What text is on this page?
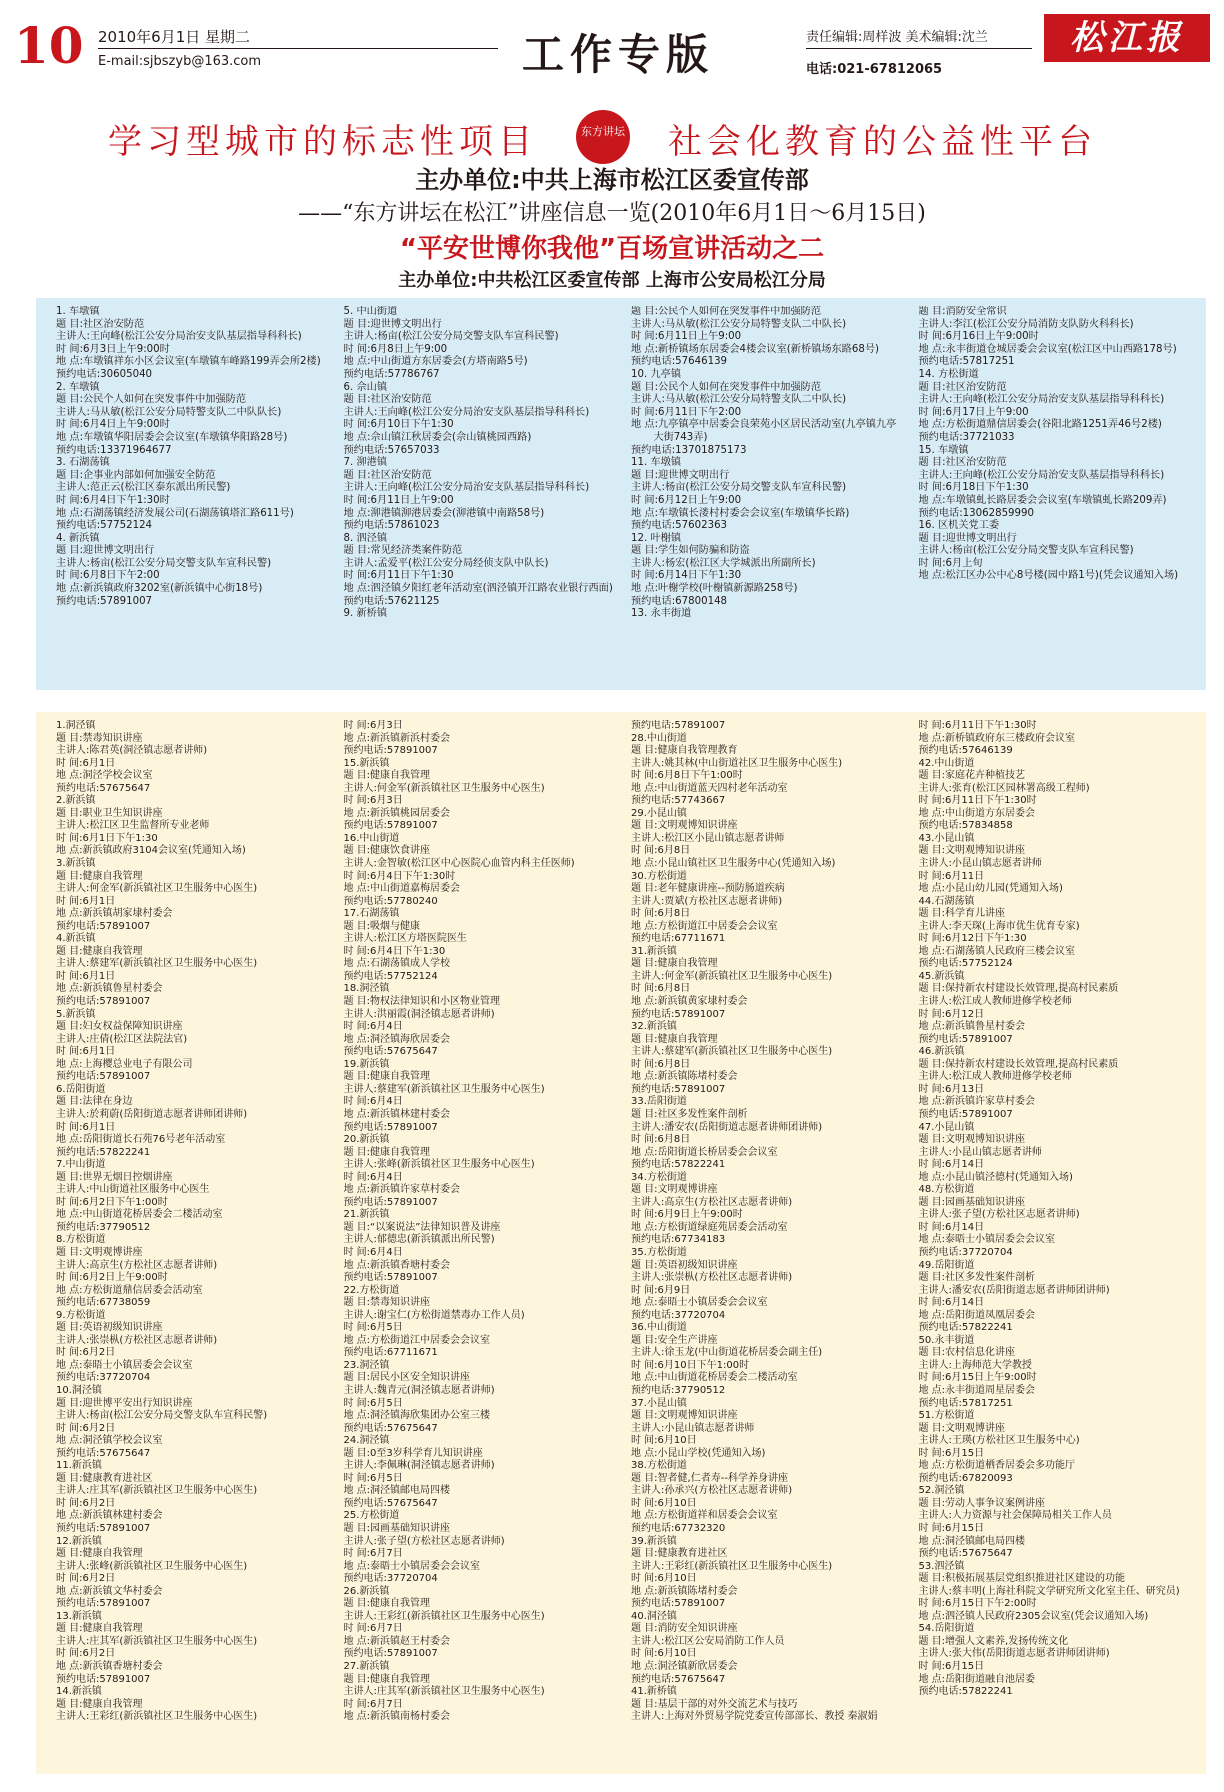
10 2010年6月1日 星期二
E-mail:sjbszyb@163.com	工作专版	责任编辑:周样波 美术编辑:沈兰
电话:021-67812065
松江报
学习型城市的标志性项目	东方讲坛 社会化教育的公益性平台
主办单位:中共上海市松江区委宣传部
——“东方讲坛在松江”讲座信息一览(2010年6月1日～6月15日)
“平安世博你我他”百场宣讲活动之二
主办单位:中共松江区委宣传部 上海市公安局松江分局
1. 车墩镇
题 目:社区治安防范
主讲人:王向峰(松江公安分局治安支队基层指导科科长)
时 间:6月3日上午9:00时
地 点:车墩镇祥东小区会议室(车墩镇车峰路199弄会所2楼)
预约电话:30605040
2. 车墩镇
题 目:公民个人如何在突发事件中加强防范
主讲人:马从敏(松江公安分局特警支队二中队队长)
时 间:6月4日上午9:00时
地 点:车墩镇华阳居委会会议室(车墩镇华阳路28号)
预约电话:13371964677
3. 石湖荡镇
题 目:企事业内部如何加强安全防范
主讲人:范正云(松江区泰东派出所民警)
时 间:6月4日下午1:30时
地 点:石湖荡镇经济发展公司(石湖荡镇塔汇路611号)
预约电话:57752124
4. 新浜镇
题 目:迎世博文明出行
主讲人:杨亩(松江公安分局交警支队车宣科民警)
时 间:6月8日下午2:00
地 点:新浜镇政府3202室(新浜镇中心街18号)
预约电话:57891007
5. 中山街道
题 目:迎世博文明出行
主讲人:杨亩(松江公安分局交警支队车宣科民警)
时 间:6月8日上午9:00
地 点:中山街道方东居委会(方塔南路5号)
预约电话:57786767
6. 佘山镇
题 目:社区治安防范
主讲人:王向峰(松江公安分局治安支队基层指导科科长)
时 间:6月10日下午1:30
地 点:佘山镇江秋居委会(佘山镇桃园西路)
预约电话:57657033
7. 泖港镇
题 目:社区治安防范
主讲人:王向峰(松江公安分局治安支队基层指导科科长)
时 间:6月11日上午9:00
地 点:泖港镇泖港居委会(泖港镇中南路58号)
预约电话:57861023
8. 泗泾镇
题 目:常见经济类案件防范
主讲人:孟爱平(松江公安分局经侦支队中队长)
时 间:6月11日下午1:30
地 点:泗泾镇夕阳红老年活动室(泗泾镇开江路农业银行西面)
预约电话:57621125
9. 新桥镇
题 目:公民个人如何在突发事件中加强防范
主讲人:马从敏(松江公安分局特警支队二中队长)
时 间:6月11日上午9:00
地 点:新桥镇场东居委会4楼会议室(新桥镇场东路68号)
预约电话:57646139
10. 九亭镇
题 目:公民个人如何在突发事件中加强防范
主讲人:马从敏(松江公安分局特警支队二中队长)
时 间:6月11日下午2:00
地 点:九亭镇亭中居委会良荣苑小区居民活动室(九亭镇九亭大街743弄)
预约电话:13701875173
11. 车墩镇
题 目:迎世博文明出行
主讲人:杨亩(松江公安分局交警支队车宣科民警)
时 间:6月12日上午9:00
地 点:车墩镇长溇村村委会会议室(车墩镇华长路)
预约电话:57602363
12. 叶榭镇
题 目:学生如何防骗和防盗
主讲人:杨宏(松江区大学城派出所副所长)
时 间:6月14日下午1:30
地 点:叶榭学校(叶榭镇新源路258号)
预约电话:67800148
13. 永丰街道
题 目:消防安全常识
主讲人:李江(松江公安分局消防支队防火科科长)
时 间:6月16日上午9:00时
地 点:永丰街道仓城居委会会议室(松江区中山西路178号)
预约电话:57817251
14. 方松街道
题 目:社区治安防范
主讲人:王向峰(松江公安分局治安支队基层指导科科长)
时 间:6月17日上午9:00
地 点:方松街道鼎信居委会(谷阳北路1251弄46号2楼)
预约电话:37721033
15. 车墩镇
题 目:社区治安防范
主讲人:王向峰(松江公安分局治安支队基层指导科科长)
时 间:6月18日下午1:30
地 点:车墩镇虬长路居委会会议室(车墩镇虬长路209弄)
预约电话:13062859990
16. 区机关党工委
题 目:迎世博文明出行
主讲人:杨亩(松江公安分局交警支队车宣科民警)
时 间:6月上旬
地 点:松江区办公中心8号楼(园中路1号)(凭会议通知入场)
1.洞泾镇
题 目:禁毒知识讲座
主讲人:陈君英(洞泾镇志愿者讲师)
时 间:6月1日
地 点:洞泾学校会议室
预约电话:57675647
2.新浜镇
题 目:职业卫生知识讲座
主讲人:松江区卫生监督所专业老师
时 间:6月1日下午1:30
地 点:新浜镇政府3104会议室(凭通知入场)
3.新浜镇
题 目:健康自我管理
主讲人:何金军(新浜镇社区卫生服务中心医生)
时 间:6月1日
地 点:新浜镇胡家埭村委会
预约电话:57891007
4.新浜镇
题 目:健康自我管理
主讲人:蔡建军(新浜镇社区卫生服务中心医生)
时 间:6月1日
地 点:新浜镇鲁星村委会
预约电话:57891007
5.新浜镇
题 目:妇女权益保障知识讲座
主讲人:庄倩(松江区法院法官)
时 间:6月1日
地 点:上海樱总业电子有限公司
预约电话:57891007
6.岳阳街道
题 目:法律在身边
主讲人:於莉蔚(岳阳街道志愿者讲师团讲师)
时 间:6月1日
地 点:岳阳街道长石苑76号老年活动室
预约电话:57822241
7.中山街道
题 目:世界无烟日控烟讲座
主讲人:中山街道社区服务中心医生
时 间:6月2日下午1:00时
地 点:中山街道花桥居委会二楼活动室
预约电话:37790512
8.方松街道
题 目:文明观博讲座
主讲人:高京生(方松社区志愿者讲师)
时 间:6月2日上午9:00时
地 点:方松街道鼎信居委会活动室
预约电话:67738059
9.方松街道
题 目:英语初级知识讲座
主讲人:张崇枞(方松社区志愿者讲师)
时 间:6月2日
地 点:泰晤士小镇居委会会议室
预约电话:37720704
10.洞泾镇
题 目:迎世博平安出行知识讲座
主讲人:杨亩(松江公安分局交警支队车宣科民警)
时 间:6月2日
地 点:洞泾镇学校会议室
预约电话:57675647
11.新浜镇
题 目:健康教育进社区
主讲人:庄其军(新浜镇社区卫生服务中心医生)
时 间:6月2日
地 点:新浜镇林建村委会
预约电话:57891007
12.新浜镇
题 目:健康自我管理
主讲人:张峰(新浜镇社区卫生服务中心医生)
时 间:6月2日
地 点:新浜镇文华村委会
预约电话:57891007
13.新浜镇
题 目:健康自我管理
主讲人:庄其军(新浜镇社区卫生服务中心医生)
时 间:6月2日
地 点:新浜镇香塘村委会
预约电话:57891007
14.新浜镇
题 目:健康自我管理
主讲人:王彩红(新浜镇社区卫生服务中心医生)
时 间:6月3日
地 点:新浜镇新浜村委会
预约电话:57891007
15.新浜镇
题 目:健康自我管理
主讲人:何金军(新浜镇社区卫生服务中心医生)
时 间:6月3日
地 点:新浜镇桃园居委会
预约电话:57891007
16.中山街道
题 目:健康饮食讲座
主讲人:金智敏(松江区中心医院心血管内科主任医师)
时 间:6月4日下午1:30时
地 点:中山街道嘉梅居委会
预约电话:57780240
17.石湖荡镇
题 目:吸烟与健康
主讲人:松江区方塔医院医生
时 间:6月4日下午1:30
地 点:石湖荡镇成人学校
预约电话:57752124
18.洞泾镇
题 目:物权法律知识和小区物业管理
主讲人:洪丽霞(洞泾镇志愿者讲师)
时 间:6月4日
地 点:洞泾镇海欣居委会
预约电话:57675647
19.新浜镇
题 目:健康自我管理
主讲人:蔡建军(新浜镇社区卫生服务中心医生)
时 间:6月4日
地 点:新浜镇林建村委会
预约电话:57891007
20.新浜镇
题 目:健康自我管理
主讲人:张峰(新浜镇社区卫生服务中心医生)
时 间:6月4日
地 点:新浜镇许家草村委会
预约电话:57891007
21.新浜镇
题 目:“以案说法”法律知识普及讲座
主讲人:郁德忠(新浜镇派出所民警)
时 间:6月4日
地 点:新浜镇香塘村委会
预约电话:57891007
22.方松街道
题 目:禁毒知识讲座
主讲人:谢宝仁(方松街道禁毒办工作人员)
时 间:6月5日
地 点:方松街道江中居委会会议室
预约电话:67711671
23.洞泾镇
题 目:居民小区安全知识讲座
主讲人:魏青元(洞泾镇志愿者讲师)
时 间:6月5日
地 点:洞泾镇海欣集团办公室三楼
预约电话:57675647
24.洞泾镇
题 目:0至3岁科学育儿知识讲座
主讲人:李佩琳(洞泾镇志愿者讲师)
时 间:6月5日
地 点:洞泾镇邮电局四楼
预约电话:57675647
25.方松街道
题 目:园画基础知识讲座
主讲人:张子望(方松社区志愿者讲师)
时 间:6月7日
地 点:泰晤士小镇居委会会议室
预约电话:37720704
26.新浜镇
题 目:健康自我管理
主讲人:王彩红(新浜镇社区卫生服务中心医生)
时 间:6月7日
地 点:新浜镇赵王村委会
预约电话:57891007
27.新浜镇
题 目:健康自我管理
主讲人:庄其军(新浜镇社区卫生服务中心医生)
时 间:6月7日
地 点:新浜镇南杨村委会
预约电话:57891007
28.中山街道
题 目:健康自我管理教育
主讲人:姚其林(中山街道社区卫生服务中心医生)
时 间:6月8日下午1:00时
地 点:中山街道蓝天四村老年活动室
预约电话:57743667
29.小昆山镇
题 目:文明观博知识讲座
主讲人:松江区小昆山镇志愿者讲师
时 间:6月8日
地 点:小昆山镇社区卫生服务中心(凭通知入场)
30.方松街道
题 目:老年健康讲座--预防肠道疾病
主讲人:贾斌(方松社区志愿者讲师)
时 间:6月8日
地 点:方松街道江中居委会会议室
预约电话:67711671
31.新浜镇
题 目:健康自我管理
主讲人:何金军(新浜镇社区卫生服务中心医生)
时 间:6月8日
地 点:新浜镇黄家埭村委会
预约电话:57891007
32.新浜镇
题 目:健康自我管理
主讲人:蔡建军(新浜镇社区卫生服务中心医生)
时 间:6月8日
地 点:新浜镇陈堵村委会
预约电话:57891007
33.岳阳街道
题 目:社区多发性案件剖析
主讲人:潘安农(岳阳街道志愿者讲师团讲师)
时 间:6月8日
地 点:岳阳街道长桥居委会会议室
预约电话:57822241
34.方松街道
题 目:文明观博讲座
主讲人:高京生(方松社区志愿者讲师)
时 间:6月9日上午9:00时
地 点:方松街道绿庭苑居委会活动室
预约电话:67734183
35.方松街道
题 目:英语初级知识讲座
主讲人:张崇枞(方松社区志愿者讲师)
时 间:6月9日
地 点:泰晤士小镇居委会会议室
预约电话:37720704
36.中山街道
题 目:安全生产讲座
主讲人:徐玉龙(中山街道花桥居委会副主任)
时 间:6月10日下午1:00时
地 点:中山街道花桥居委会二楼活动室
预约电话:37790512
37.小昆山镇
题 目:文明观博知识讲座
主讲人:小昆山镇志愿者讲师
时 间:6月10日
地 点:小昆山学校(凭通知入场)
38.方松街道
题 目:智者健,仁者寿--科学养身讲座
主讲人:孙承兴(方松社区志愿者讲师)
时 间:6月10日
地 点:方松街道祥和居委会会议室
预约电话:67732320
39.新浜镇
题 目:健康教育进社区
主讲人:王彩红(新浜镇社区卫生服务中心医生)
时 间:6月10日
地 点:新浜镇陈堵村委会
预约电话:57891007
40.洞泾镇
题 目:消防安全知识讲座
主讲人:松江区公安局消防工作人员
时 间:6月10日
地 点:洞泾镇新欣居委会
预约电话:57675647
41.新桥镇
题 目:基层干部的对外交流艺术与技巧
主讲人:上海对外贸易学院党委宣传部部长、教授 秦淑娟
时 间:6月11日下午1:30时
地 点:新桥镇政府东三楼政府会议室
预约电话:57646139
42.中山街道
题 目:家庭花卉种植技艺
主讲人:张育(松江区园林署高级工程师)
时 间:6月11日下午1:30时
地 点:中山街道方东居委会
预约电话:57834858
43.小昆山镇
题 目:文明观博知识讲座
主讲人:小昆山镇志愿者讲师
时 间:6月11日
地 点:小昆山幼儿园(凭通知入场)
44.石湖荡镇
题 目:科学育儿讲座
主讲人:李天琛(上海市优生优育专家)
时 间:6月12日下午1:30
地 点:石湖荡镇人民政府三楼会议室
预约电话:57752124
45.新浜镇
题 目:保持新农村建设长效管理,提高村民素质
主讲人:松江成人教师进修学校老师
时 间:6月12日
地 点:新浜镇鲁星村委会
预约电话:57891007
46.新浜镇
题 目:保持新农村建设长效管理,提高村民素质
主讲人:松江成人教师进修学校老师
时 间:6月13日
地 点:新浜镇许家草村委会
预约电话:57891007
47.小昆山镇
题 目:文明观博知识讲座
主讲人:小昆山镇志愿者讲师
时 间:6月14日
地 点:小昆山镇泾德村(凭通知入场)
48.方松街道
题 目:园画基础知识讲座
主讲人:张子望(方松社区志愿者讲师)
时 间:6月14日
地 点:泰晤士小镇居委会会议室
预约电话:37720704
49.岳阳街道
题 目:社区多发性案件剖析
主讲人:潘安农(岳阳街道志愿者讲师团讲师)
时 间:6月14日
地 点:岳阳街道凤凰居委会
预约电话:57822241
50.永丰街道
题 目:农村信息化讲座
主讲人:上海师范大学教授
时 间:6月15日上午9:00时
地 点:永丰街道周星居委会
预约电话:57817251
51.方松街道
题 目:文明观博讲座
主讲人:王瑛(方松社区卫生服务中心)
时 间:6月15日
地 点:方松街道栖香居委会多功能厅
预约电话:67820093
52.洞泾镇
题 目:劳动人事争议案例讲座
主讲人:人力资源与社会保障局相关工作人员
时 间:6月15日
地 点:洞泾镇邮电局四楼
预约电话:57675647
53.泗泾镇
题 目:积极拓展基层党组织推进社区建设的功能
主讲人:蔡丰明(上海社科院文学研究所文化室主任、研究员)
时 间:6月15日下午2:00时
地 点:泗泾镇人民政府2305会议室(凭会议通知入场)
54.岳阳街道
题 目:增强人文素养,发扬传统文化
主讲人:张大伟(岳阳街道志愿者讲师团讲师)
时 间:6月15日
地 点:岳阳街道融自池居委
预约电话:57822241
